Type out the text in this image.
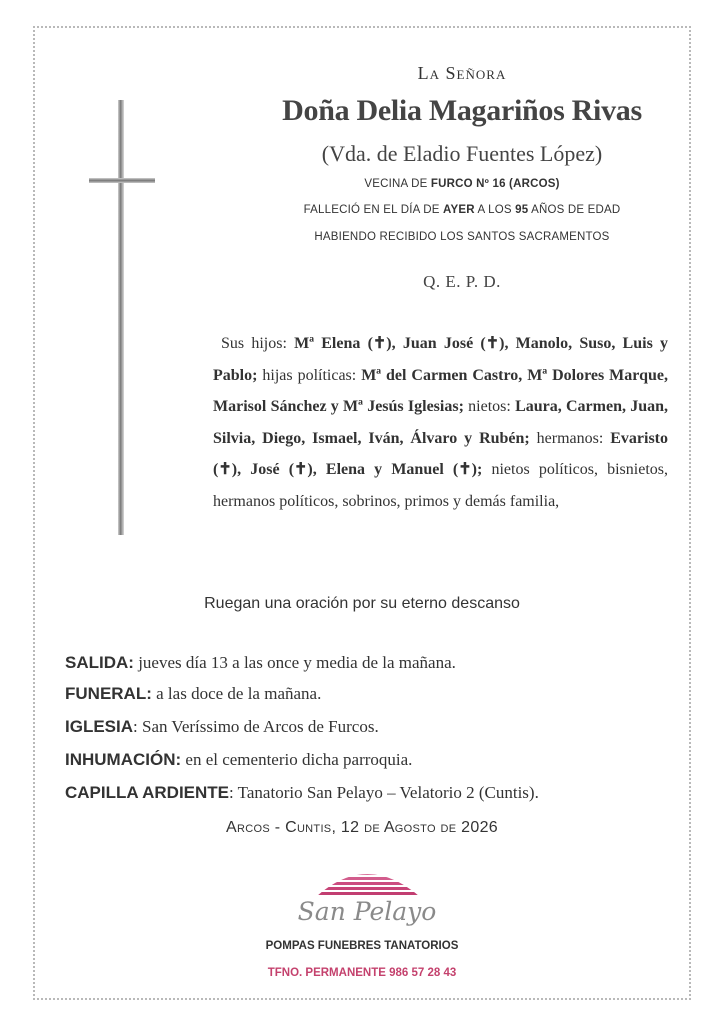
La Señora
Doña Delia Magariños Rivas
(Vda. de Eladio Fuentes López)
VECINA DE FURCO Nº 16 (ARCOS)
FALLECIÓ EN EL DÍA DE AYER A LOS 95 AÑOS DE EDAD
HABIENDO RECIBIDO LOS SANTOS SACRAMENTOS
Q. E. P. D.
Sus hijos: Mª Elena (✝), Juan José (✝), Manolo, Suso, Luis y Pablo; hijas políticas: Mª del Carmen Castro, Mª Dolores Marque, Marisol Sánchez y Mª Jesús Iglesias; nietos: Laura, Carmen, Juan, Silvia, Diego, Ismael, Iván, Álvaro y Rubén; hermanos: Evaristo (✝), José (✝), Elena y Manuel (✝); nietos políticos, bisnietos, hermanos políticos, sobrinos, primos y demás familia,
Ruegan una oración por su eterno descanso
SALIDA: jueves día 13 a las once y media de la mañana.
FUNERAL: a las doce de la mañana.
IGLESIA: San Veríssimo de Arcos de Furcos.
INHUMACIÓN: en el cementerio dicha parroquia.
CAPILLA ARDIENTE: Tanatorio San Pelayo – Velatorio 2 (Cuntis).
Arcos - Cuntis, 12 de Agosto de 2026
San Pelayo
POMPAS FUNEBRES TANATORIOS
TFNO. PERMANENTE 986 57 28 43
